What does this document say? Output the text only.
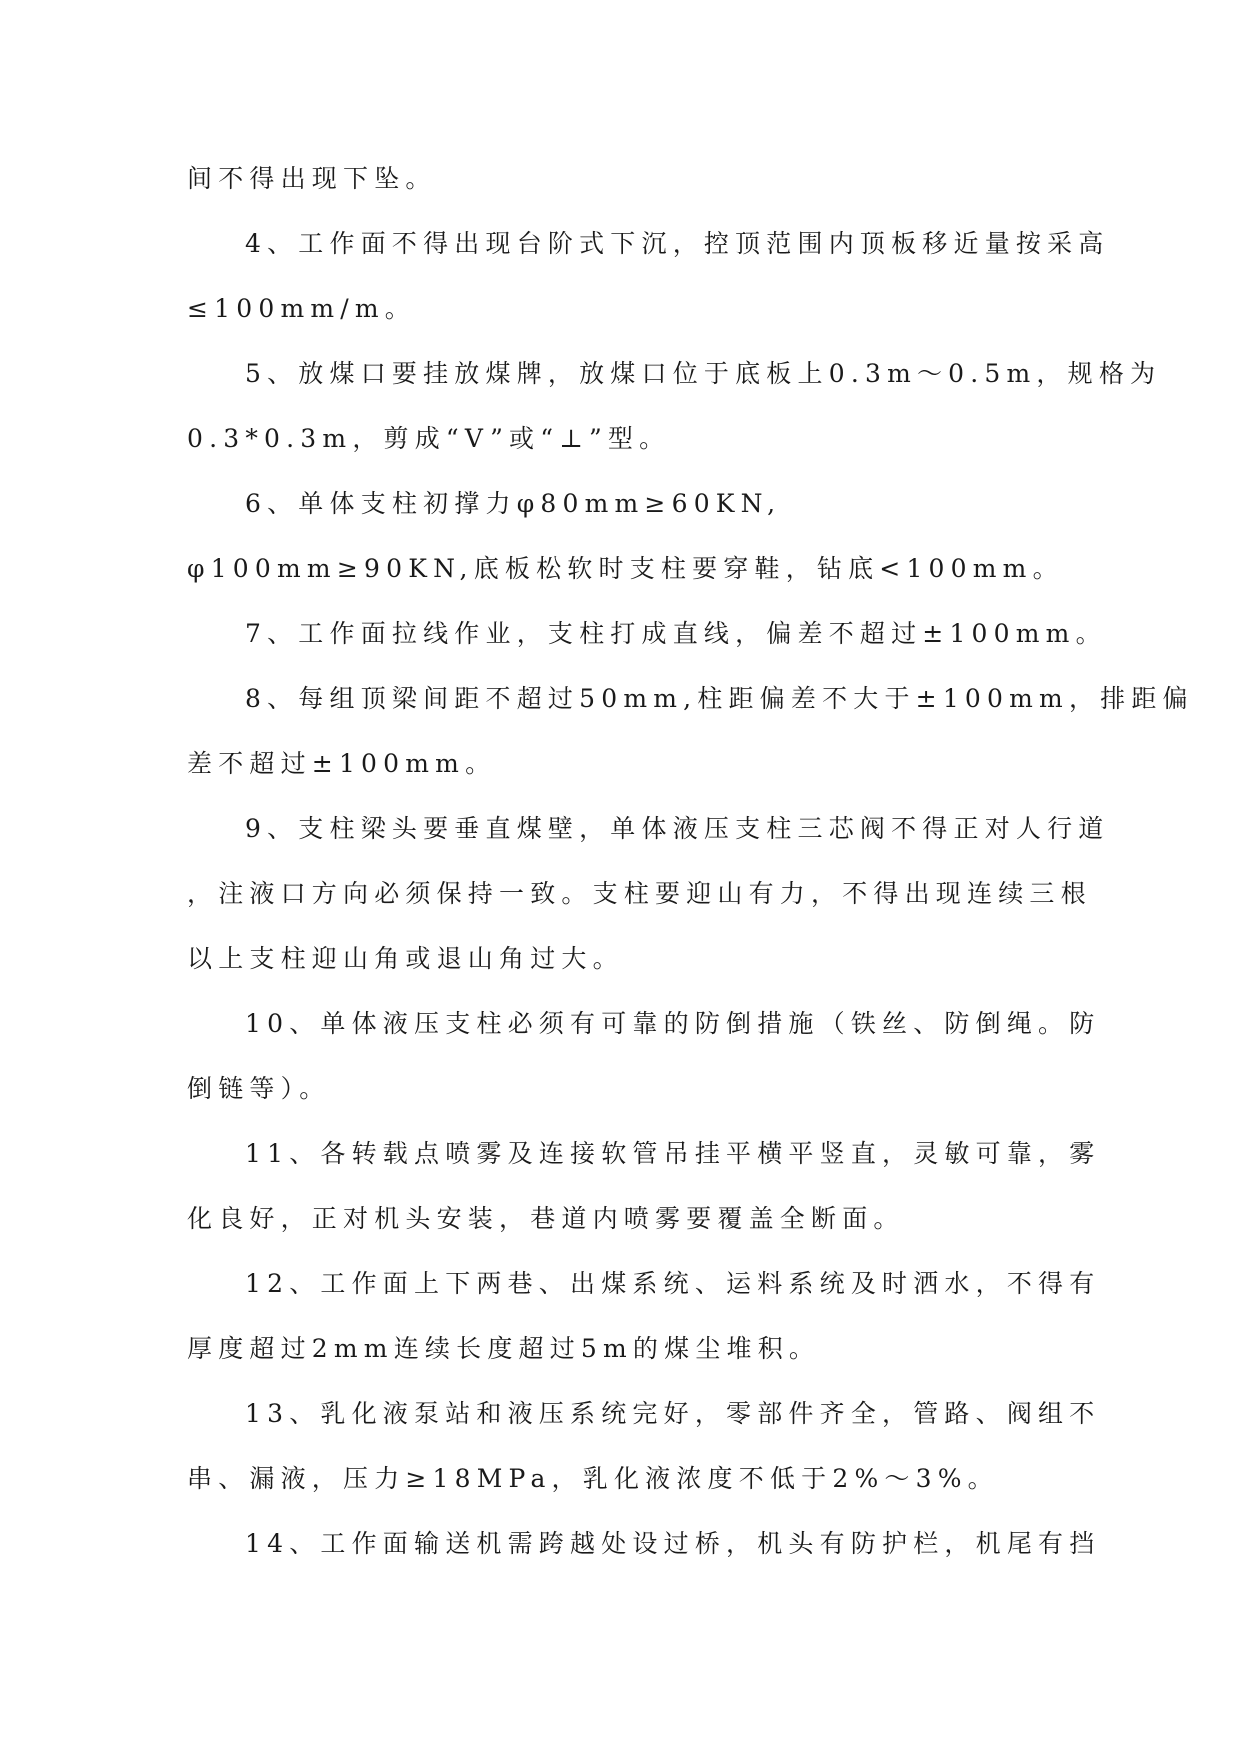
间不得出现下坠。
4、工作面不得出现台阶式下沉，控顶范围内顶板移近量按采高
≤100mm/m。
5、放煤口要挂放煤牌，放煤口位于底板上0.3m～0.5m，规格为
0.3*0.3m，剪成“V”或“⊥”型。
6、单体支柱初撑力φ80mm≥60KN,
φ100mm≥90KN,底板松软时支柱要穿鞋，钻底<100mm。
7、工作面拉线作业，支柱打成直线，偏差不超过±100mm。
8、每组顶梁间距不超过50mm,柱距偏差不大于±100mm，排距偏
差不超过±100mm。
9、支柱梁头要垂直煤壁，单体液压支柱三芯阀不得正对人行道
，注液口方向必须保持一致。支柱要迎山有力，不得出现连续三根
以上支柱迎山角或退山角过大。
10、单体液压支柱必须有可靠的防倒措施（铁丝、防倒绳。防
倒链等）。
11、各转载点喷雾及连接软管吊挂平横平竖直，灵敏可靠，雾
化良好，正对机头安装，巷道内喷雾要覆盖全断面。
12、工作面上下两巷、出煤系统、运料系统及时洒水，不得有
厚度超过2mm连续长度超过5m的煤尘堆积。
13、乳化液泵站和液压系统完好，零部件齐全，管路、阀组不
串、漏液，压力≥18MPa，乳化液浓度不低于2%～3%。
14、工作面输送机需跨越处设过桥，机头有防护栏，机尾有挡
